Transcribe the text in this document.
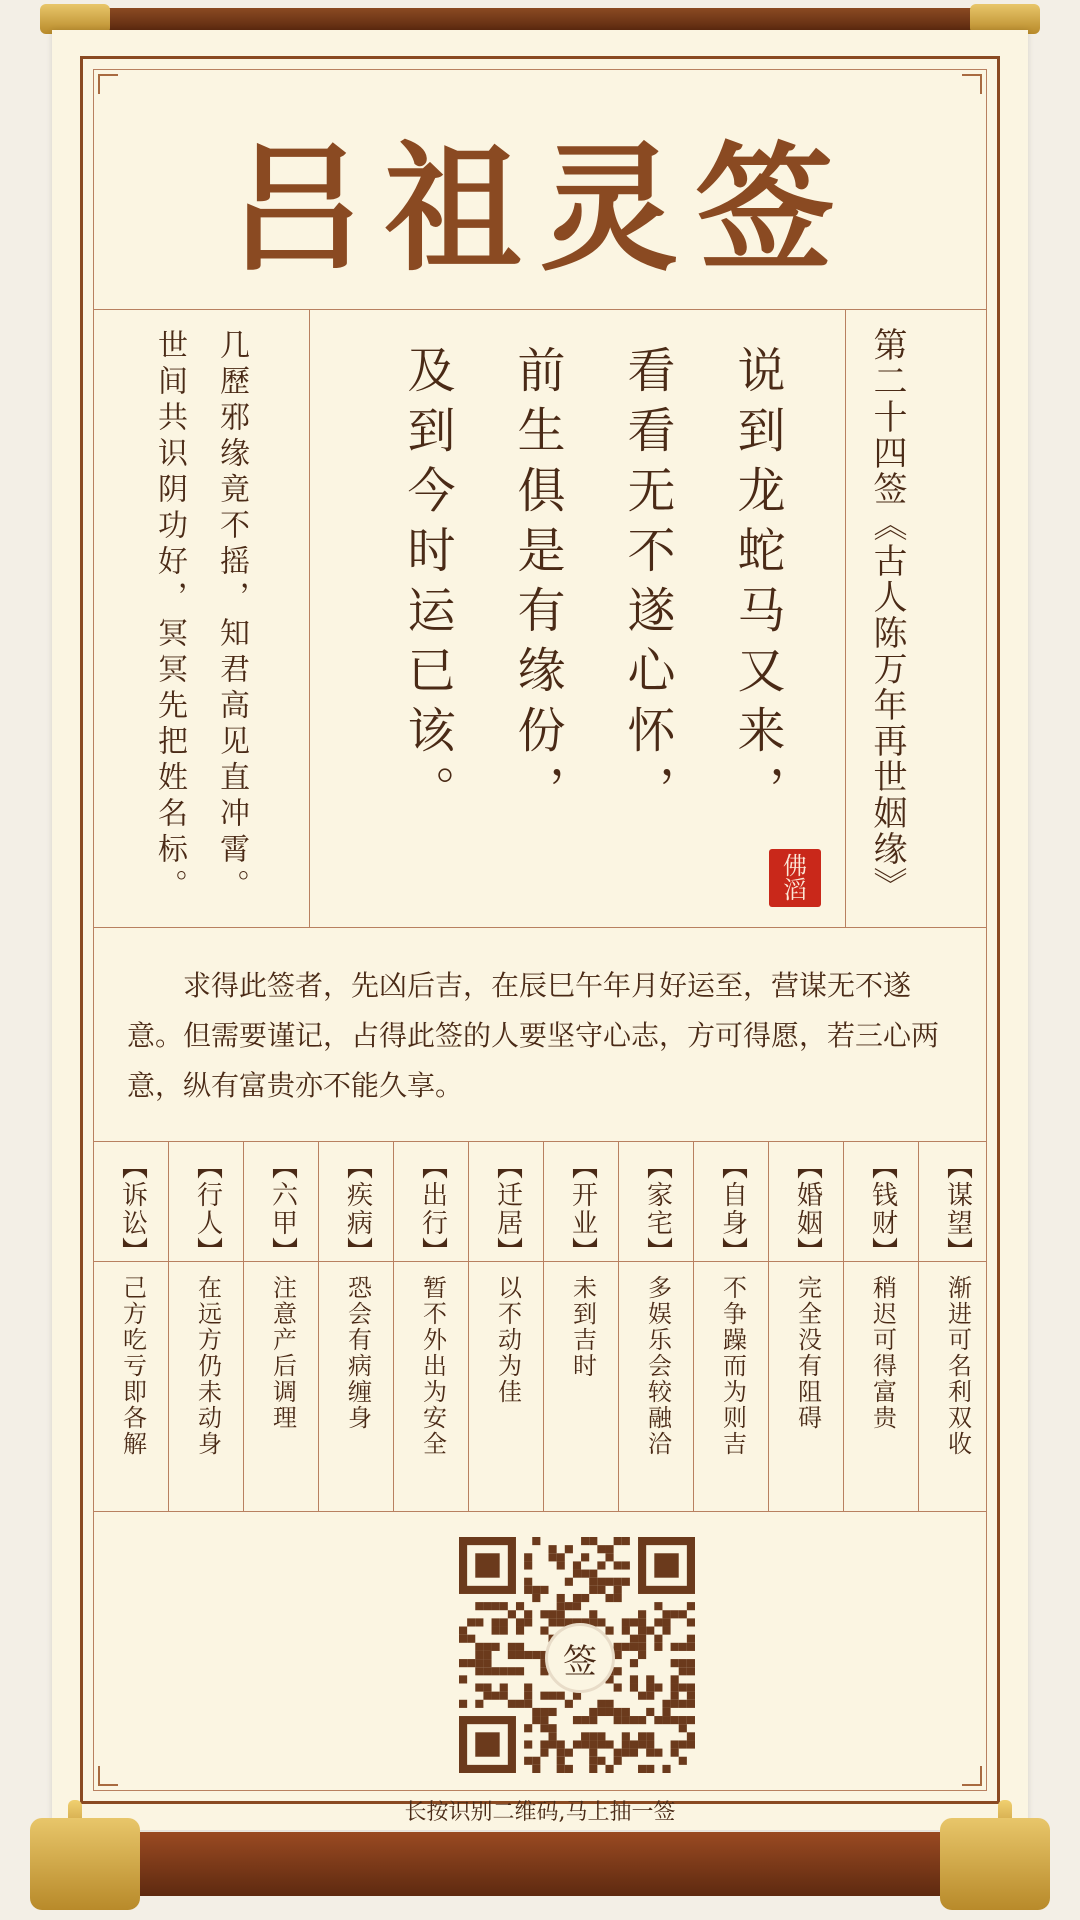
吕祖灵签
第二十四签《古人陈万年再世姻缘》
说到龙蛇马又来，
看看无不遂心怀，
前生俱是有缘份，
及到今时运已该。
佛
滔
几歷邪缘竟不摇，知君高见直冲霄。
世间共识阴功好，冥冥先把姓名标。
求得此签者，先凶后吉，在辰巳午年月好运至，营谋无不遂意。但需要谨记，占得此签的人要坚守心志，方可得愿，若三心两意，纵有富贵亦不能久享。
【谋望】
渐进可名利双收
【钱财】
稍迟可得富贵
【婚姻】
完全没有阻碍
【自身】
不争躁而为则吉
【家宅】
多娱乐会较融洽
【开业】
未到吉时
【迁居】
以不动为佳
【出行】
暂不外出为安全
【疾病】
恐会有病缠身
【六甲】
注意产后调理
【行人】
在远方仍未动身
【诉讼】
己方吃亏即各解
签
长按识别二维码,马上抽一签
